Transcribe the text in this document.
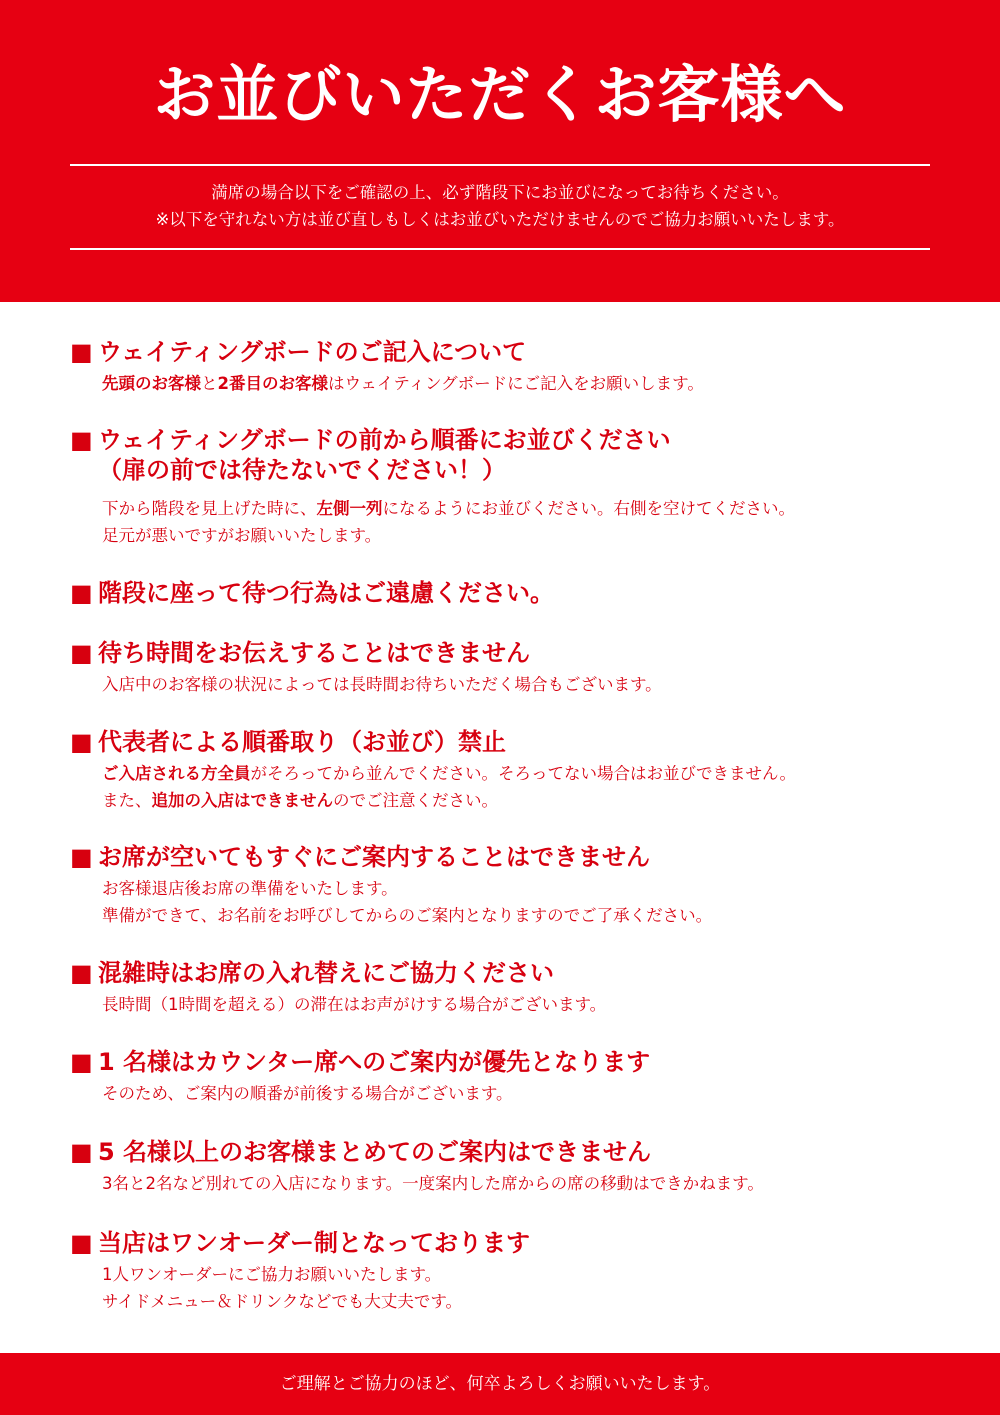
お並びいただくお客様へ
満席の場合以下をご確認の上、必ず階段下にお並びになってお待ちください。
※以下を守れない方は並び直しもしくはお並びいただけませんのでご協力お願いいたします。
■ ウェイティングボードのご記入について
先頭のお客様と2番目のお客様はウェイティングボードにご記入をお願いします。
■ ウェイティングボードの前から順番にお並びください
（扉の前では待たないでください！）
下から階段を見上げた時に、左側一列になるようにお並びください。右側を空けてください。
足元が悪いですがお願いいたします。
■ 階段に座って待つ行為はご遠慮ください。
■ 待ち時間をお伝えすることはできません
入店中のお客様の状況によっては長時間お待ちいただく場合もございます。
■ 代表者による順番取り（お並び）禁止
ご入店される方全員がそろってから並んでください。そろってない場合はお並びできません。
また、追加の入店はできませんのでご注意ください。
■ お席が空いてもすぐにご案内することはできません
お客様退店後お席の準備をいたします。
準備ができて、お名前をお呼びしてからのご案内となりますのでご了承ください。
■ 混雑時はお席の入れ替えにご協力ください
長時間（1時間を超える）の滞在はお声がけする場合がございます。
■ 1 名様はカウンター席へのご案内が優先となります
そのため、ご案内の順番が前後する場合がございます。
■ 5 名様以上のお客様まとめてのご案内はできません
3名と2名など別れての入店になります。一度案内した席からの席の移動はできかねます。
■ 当店はワンオーダー制となっております
1人ワンオーダーにご協力お願いいたします。
サイドメニュー＆ドリンクなどでも大丈夫です。
ご理解とご協力のほど、何卒よろしくお願いいたします。
